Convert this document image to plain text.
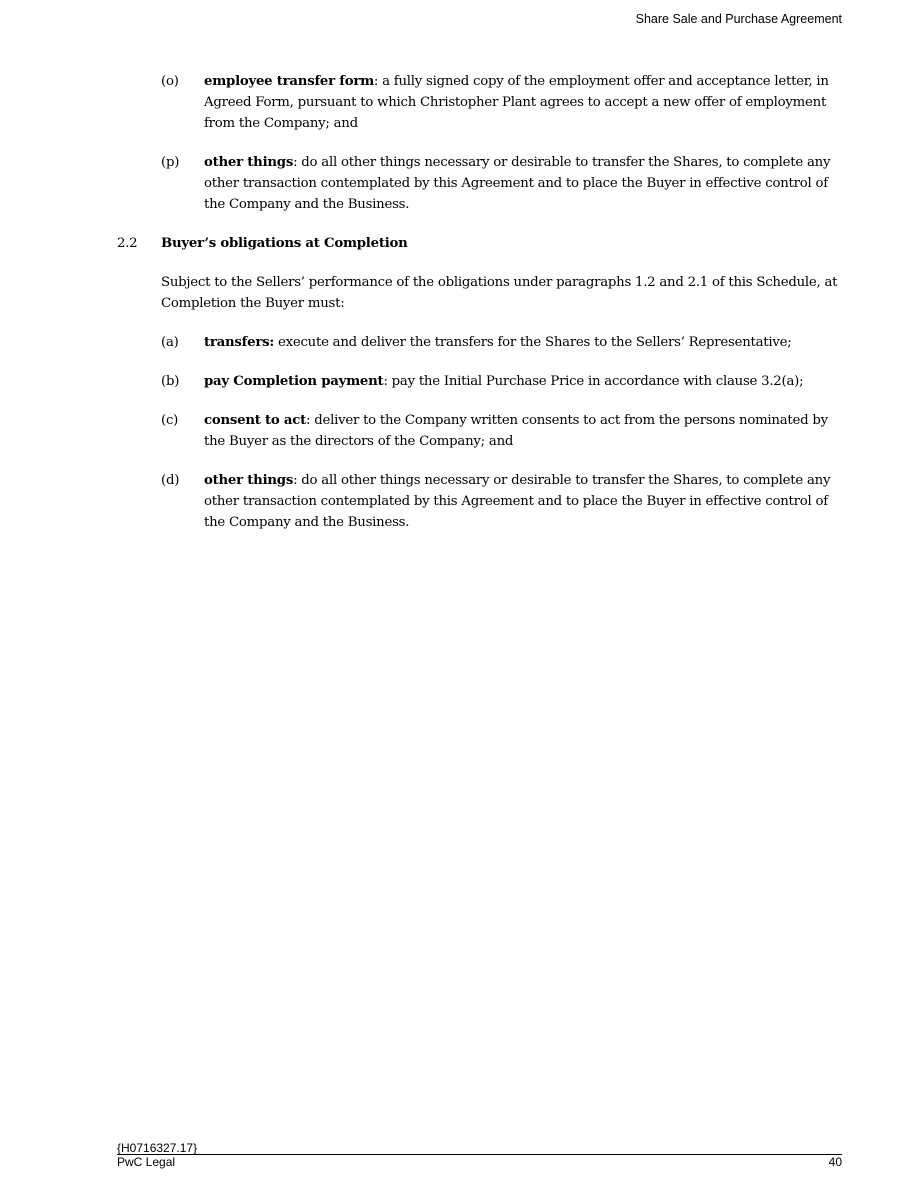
Share Sale and Purchase Agreement
(o) employee transfer form: a fully signed copy of the employment offer and acceptance letter, in Agreed Form, pursuant to which Christopher Plant agrees to accept a new offer of employment from the Company; and

(p) other things: do all other things necessary or desirable to transfer the Shares, to complete any other transaction contemplated by this Agreement and to place the Buyer in effective control of the Company and the Business.

2.2 Buyer’s obligations at Completion

Subject to the Sellers’ performance of the obligations under paragraphs 1.2 and 2.1 of this Schedule, at Completion the Buyer must:

(a) transfers: execute and deliver the transfers for the Shares to the Sellers’ Representative;

(b) pay Completion payment: pay the Initial Purchase Price in accordance with clause 3.2(a);

(c) consent to act: deliver to the Company written consents to act from the persons nominated by the Buyer as the directors of the Company; and

(d) other things: do all other things necessary or desirable to transfer the Shares, to complete any other transaction contemplated by this Agreement and to place the Buyer in effective control of the Company and the Business.

{H0716327.17}
PwC Legal	40
